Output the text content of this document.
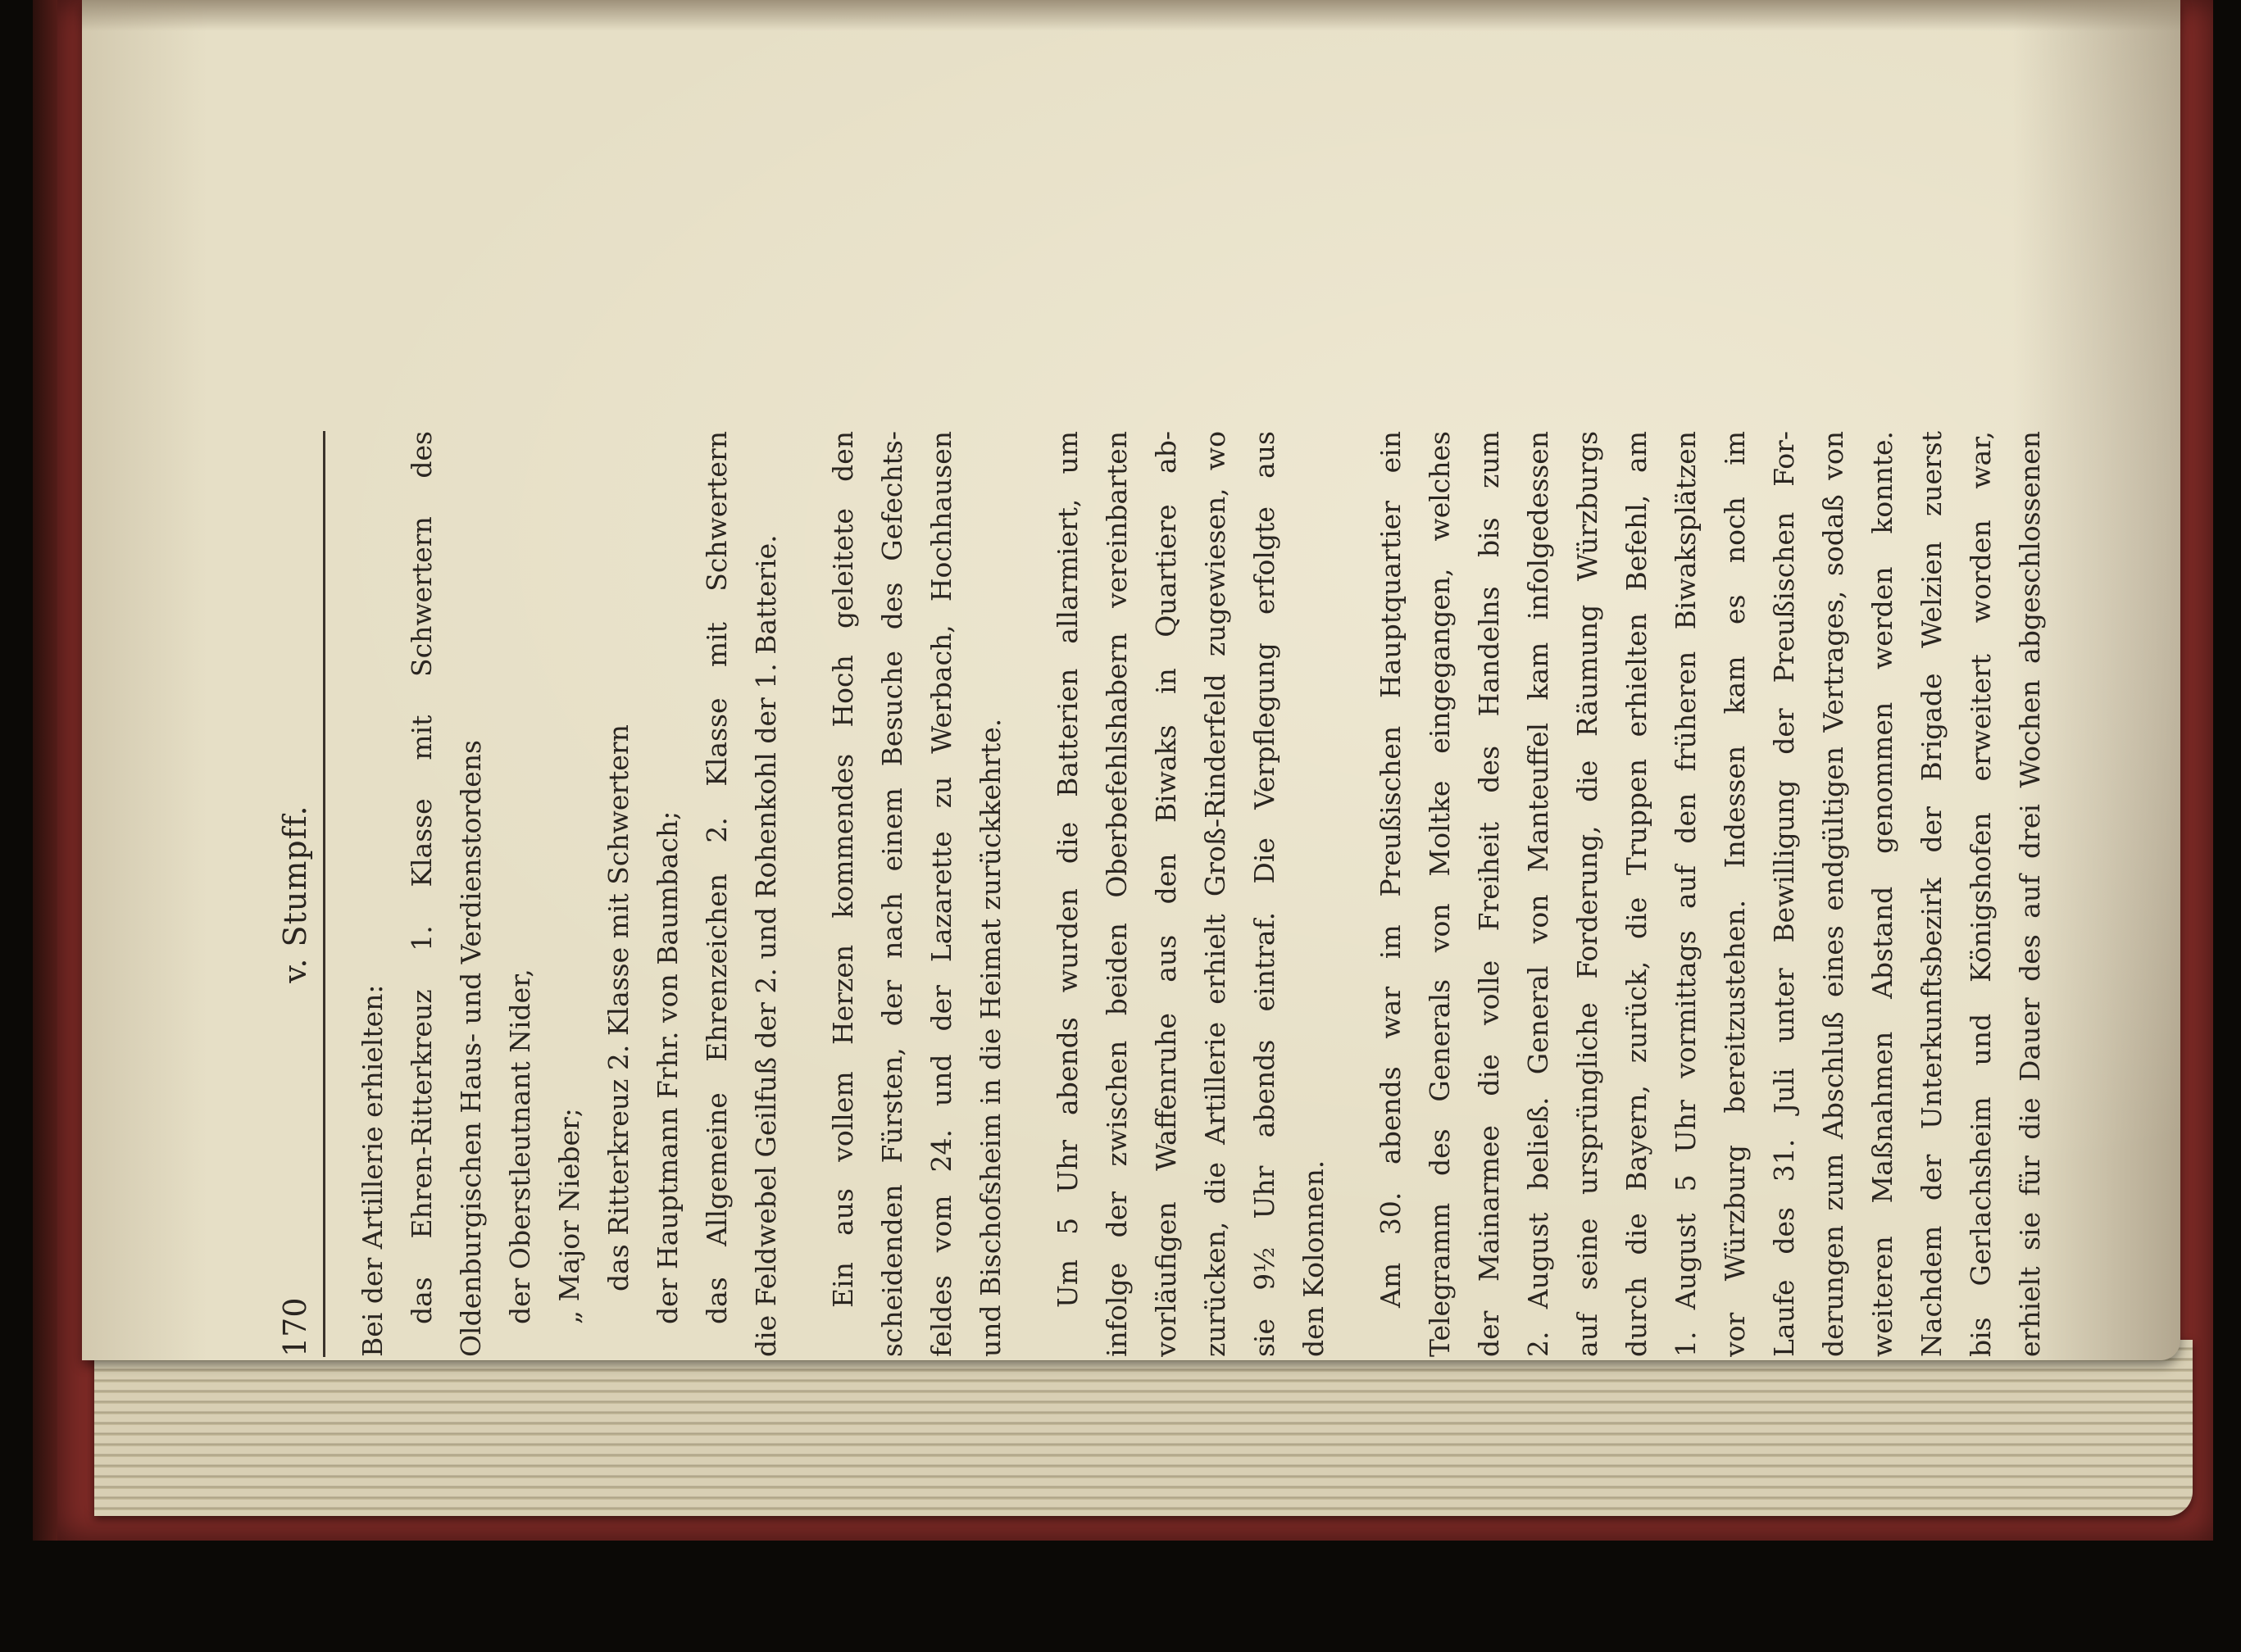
170
v. Stumpff.
Bei der Artillerie erhielten: das Ehren-Ritterkreuz 1. Klasse mit Schwertern des Oldenburgischen Haus- und Verdienstordens der Oberstleutnant Nider, „ Major Nieber; das Ritterkreuz 2. Klasse mit Schwertern der Hauptmann Frhr. von Baumbach; das Allgemeine Ehrenzeichen 2. Klasse mit Schwertern die Feldwebel Geilfuß der 2. und Rohenkohl der 1. Batterie.	Ein aus vollem Herzen kommendes Hoch geleitete den scheidenden Fürsten, der nach einem Besuche des Gefechts- feldes vom 24. und der Lazarette zu Werbach, Hochhausen und Bischofsheim in die Heimat zurückkehrte.	Um 5 Uhr abends wurden die Batterien allarmiert, um infolge der zwischen beiden Oberbefehlshabern vereinbarten vorläufigen Waffenruhe aus den Biwaks in Quartiere ab- zurücken, die Artillerie erhielt Groß-Rinderfeld zugewiesen, wo sie 9½ Uhr abends eintraf. Die Verpflegung erfolgte aus den Kolonnen.	Am 30. abends war im Preußischen Hauptquartier ein Telegramm des Generals von Moltke eingegangen, welches der Mainarmee die volle Freiheit des Handelns bis zum 2. August beließ. General von Manteuffel kam infolgedessen auf seine ursprüngliche Forderung, die Räumung Würzburgs durch die Bayern, zurück, die Truppen erhielten Befehl, am 1. August 5 Uhr vormittags auf den früheren Biwaksplätzen vor Würzburg bereitzustehen. Indessen kam es noch im Laufe des 31. Juli unter Bewilligung der Preußischen For- derungen zum Abschluß eines endgültigen Vertrages, sodaß von weiteren Maßnahmen Abstand genommen werden konnte. Nachdem der Unterkunftsbezirk der Brigade Welzien zuerst bis Gerlachsheim und Königshofen erweitert worden war, erhielt sie für die Dauer des auf drei Wochen abgeschlossenen
